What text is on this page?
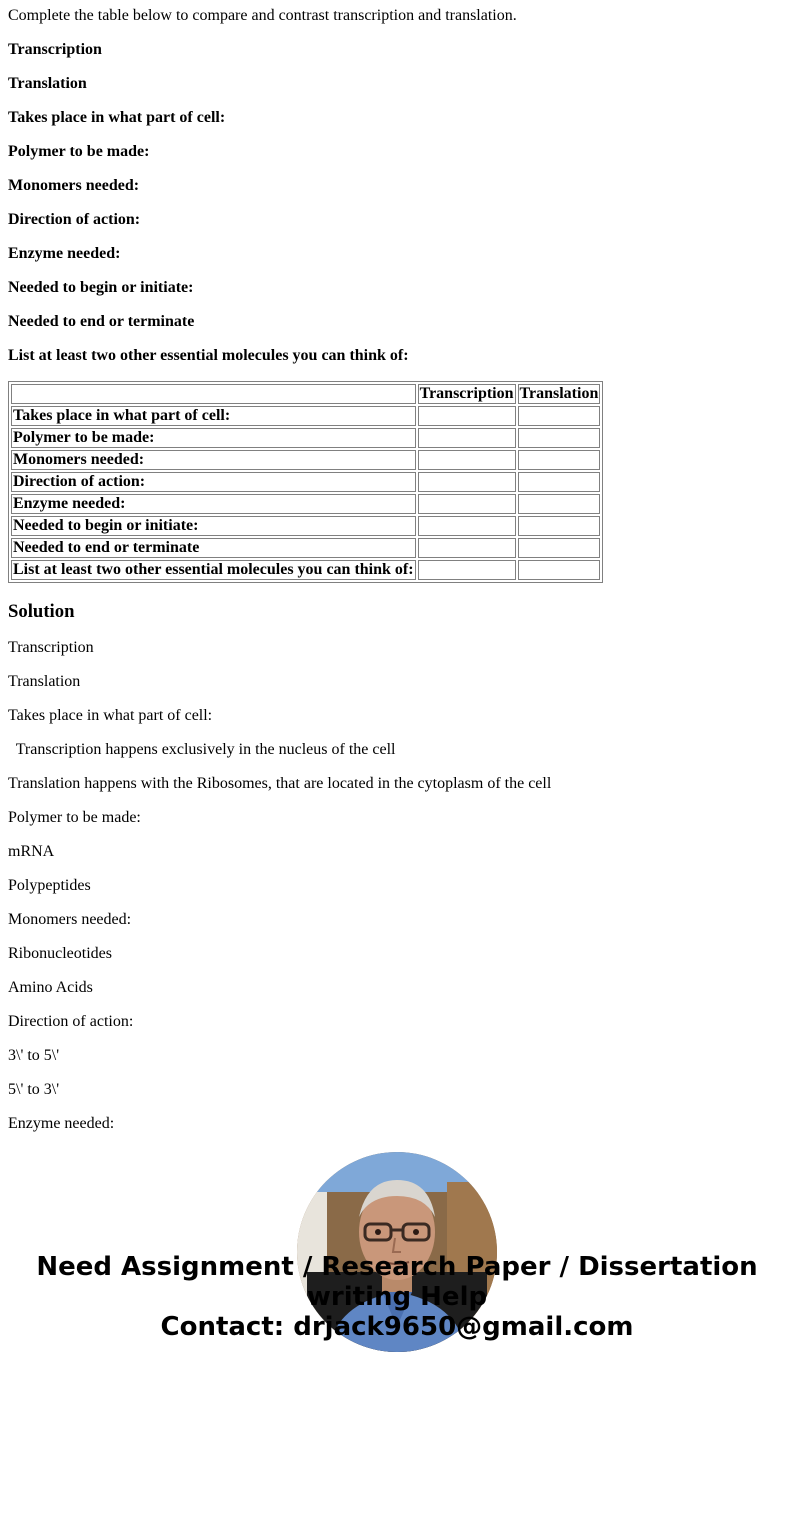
Complete the table below to compare and contrast transcription and translation.

Transcription

Translation

Takes place in what part of cell:

Polymer to be made:

Monomers needed:

Direction of action:

Enzyme needed:

Needed to begin or initiate:

Needed to end or terminate

List at least two other essential molecules you can think of:

	Transcription	Translation
Takes place in what part of cell:		
Polymer to be made:		
Monomers needed:		
Direction of action:		
Enzyme needed:		
Needed to begin or initiate:		
Needed to end or terminate		
List at least two other essential molecules you can think of:		
Solution

Transcription

Translation

Takes place in what part of cell:

Transcription happens exclusively in the nucleus of the cell

Translation happens with the Ribosomes, that are located in the cytoplasm of the cell

Polymer to be made:

mRNA

Polypeptides

Monomers needed:

Ribonucleotides

Amino Acids

Direction of action:

3\' to 5\'

5\' to 3\'

Enzyme needed:

Need Assignment / Research Paper / Dissertation
writing Help
Contact: drjack9650@gmail.com
